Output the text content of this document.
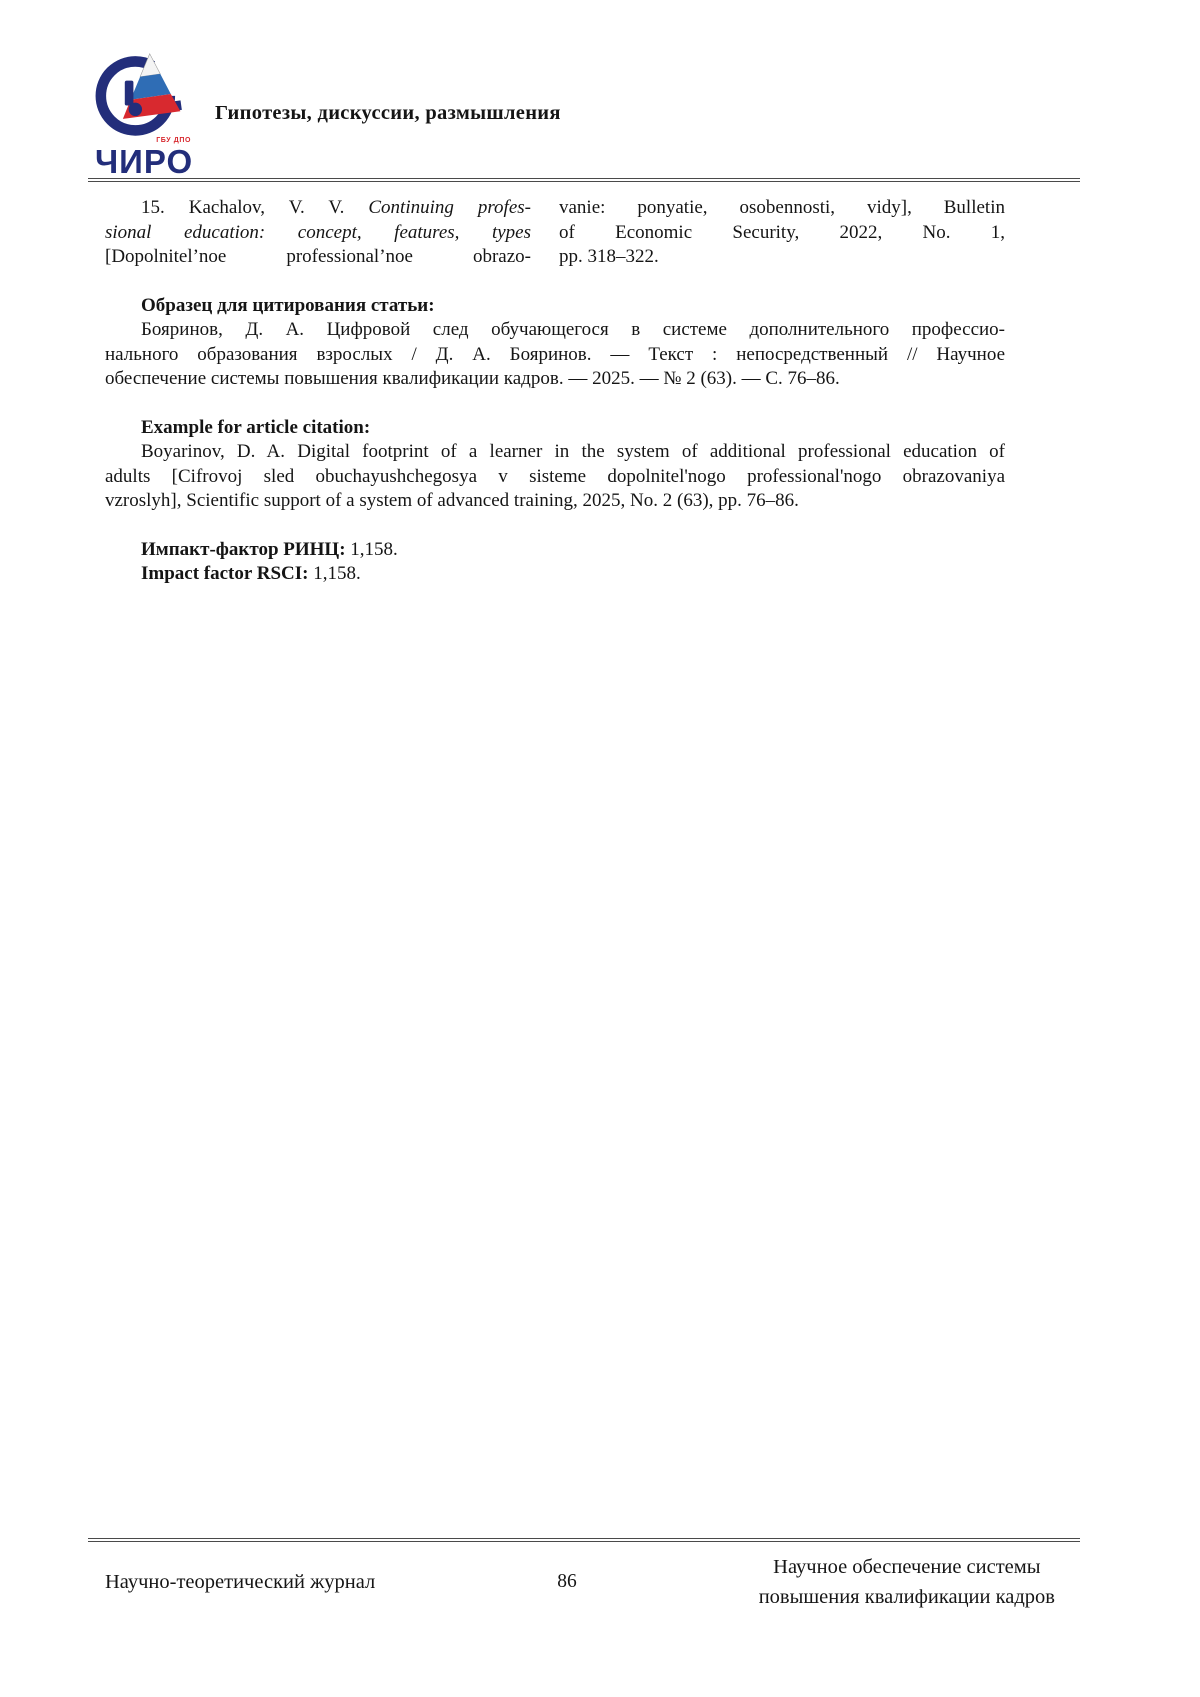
ГБУ ДПО
ЧИРО
Гипотезы, дискуссии, размышления
15. Kachalov, V. V. Continuing profes-
sional education: concept, features, types
[Dopolnitel’noe professional’noe obrazo-
vanie: ponyatie, osobennosti, vidy], Bulletin
of Economic Security, 2022, No. 1,
pp. 318–322.
Образец для цитирования статьи:
Бояринов, Д. А. Цифровой след обучающегося в системе дополнительного профессио-
нального образования взрослых / Д. А. Бояринов. — Текст : непосредственный // Научное
обеспечение системы повышения квалификации кадров. — 2025. — № 2 (63). — С. 76–86.
Example for article citation:
Boyarinov, D. A. Digital footprint of a learner in the system of additional professional education of
adults [Cifrovoj sled obuchayushchegosya v sisteme dopolnitel'nogo professional'nogo obrazovaniya
vzroslyh], Scientific support of a system of advanced training, 2025, No. 2 (63), pp. 76–86.
Импакт-фактор РИНЦ: 1,158.
Impact factor RSCI: 1,158.
Научно-теоретический журнал	86
Научное обеспечение системы
повышения квалификации кадров
